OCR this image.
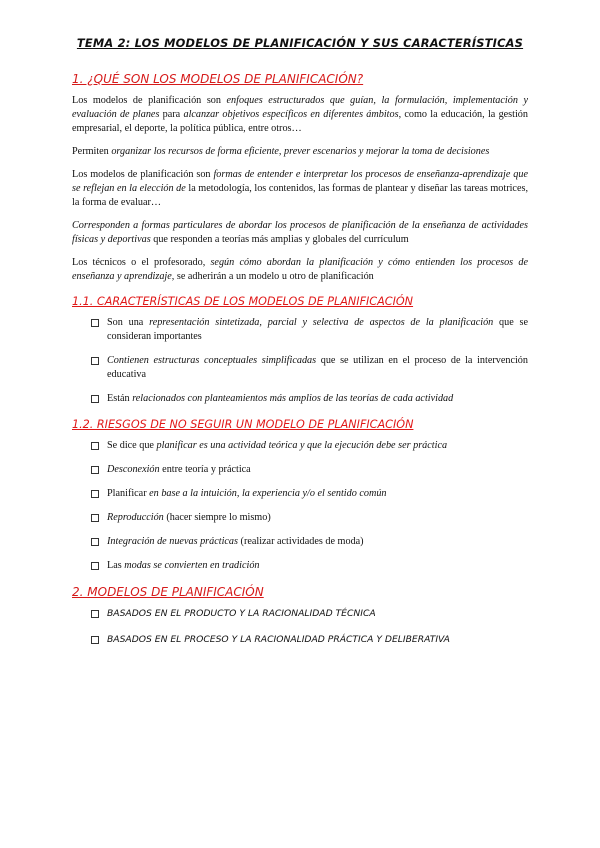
TEMA 2: LOS MODELOS DE PLANIFICACIÓN Y SUS CARACTERÍSTICAS
1. ¿QUÉ SON LOS MODELOS DE PLANIFICACIÓN?

Los modelos de planificación son enfoques estructurados que guían, la formulación, implementación y evaluación de planes para alcanzar objetivos específicos en diferentes ámbitos, como la educación, la gestión empresarial, el deporte, la política pública, entre otros…

Permiten organizar los recursos de forma eficiente, prever escenarios y mejorar la toma de decisiones

Los modelos de planificación son formas de entender e interpretar los procesos de enseñanza-aprendizaje que se reflejan en la elección de la metodología, los contenidos, las formas de plantear y diseñar las tareas motrices, la forma de evaluar…

Corresponden a formas particulares de abordar los procesos de planificación de la enseñanza de actividades físicas y deportivas que responden a teorías más amplias y globales del currículum

Los técnicos o el profesorado, según cómo abordan la planificación y cómo entienden los procesos de enseñanza y aprendizaje, se adherirán a un modelo u otro de planificación

1.1. CARACTERÍSTICAS DE LOS MODELOS DE PLANIFICACIÓN
Son una representación sintetizada, parcial y selectiva de aspectos de la planificación que se consideran importantes
Contienen estructuras conceptuales simplificadas que se utilizan en el proceso de la intervención educativa
Están relacionados con planteamientos más amplios de las teorías de cada actividad
1.2. RIESGOS DE NO SEGUIR UN MODELO DE PLANIFICACIÓN
Se dice que planificar es una actividad teórica y que la ejecución debe ser práctica
Desconexión entre teoría y práctica
Planificar en base a la intuición, la experiencia y/o el sentido común
Reproducción (hacer siempre lo mismo)
Integración de nuevas prácticas (realizar actividades de moda)
Las modas se convierten en tradición
2. MODELOS DE PLANIFICACIÓN
BASADOS EN EL PRODUCTO Y LA RACIONALIDAD TÉCNICA
BASADOS EN EL PROCESO Y LA RACIONALIDAD PRÁCTICA Y DELIBERATIVA
